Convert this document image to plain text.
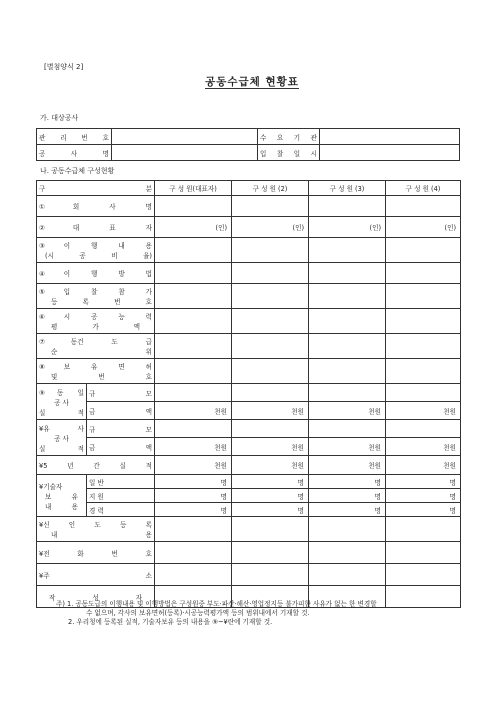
[별첨양식 2]
공동수급체 현황표
가. 대상공사
관 리 번 호		수 요 기 관	
공 사 명		입 찰 일 시	
나. 공동수급체 구성현황
구 분		구 성 원(대표자)	구 성 원 (2)	구 성 원 (3)	구 성 원 (4)
①회 사 명					
②대 표 자		(인)	(인)	(인)	(인)

③이 행 내 용
(시 공 비 율)					

④이 행 방 법					

⑤입 찰 참 가
등 록 번 호					

⑥시 공 능 력
평 가 액					

⑦동건 도 급
순 위					

⑧보 유 면 허
및 번 호					

⑨동 일
공 사
실 적	규 모				
	금 액	천원	천원	천원	천원

¥유 사
공 사
실 적	규 모				
	금 액	천원	천원	천원	천원
¥5 년 간 실 적		천원	천원	천원	천원

¥기술자
보 유
내 용	일 반	명	명	명	명
	지 원	명	명	명	명
	경 력	명	명	명	명

¥신 인 도 등 록
내 용					

¥전 화 번 호					
¥주 소					
작 성 자					
주) 1. 공동도급의 이행내용 및 이행방법은 구성원중 부도·파산·해산·영업정지등 불가피한 사유가 없는 한 변경할
수 없으며, 각사의 보유면허(등록)·시공능력평가액 등의 범위내에서 기재할 것.
2. 우리청에 등록된 실적, 기술자보유 등의 내용을 ⑨~¥란에 기재할 것.
